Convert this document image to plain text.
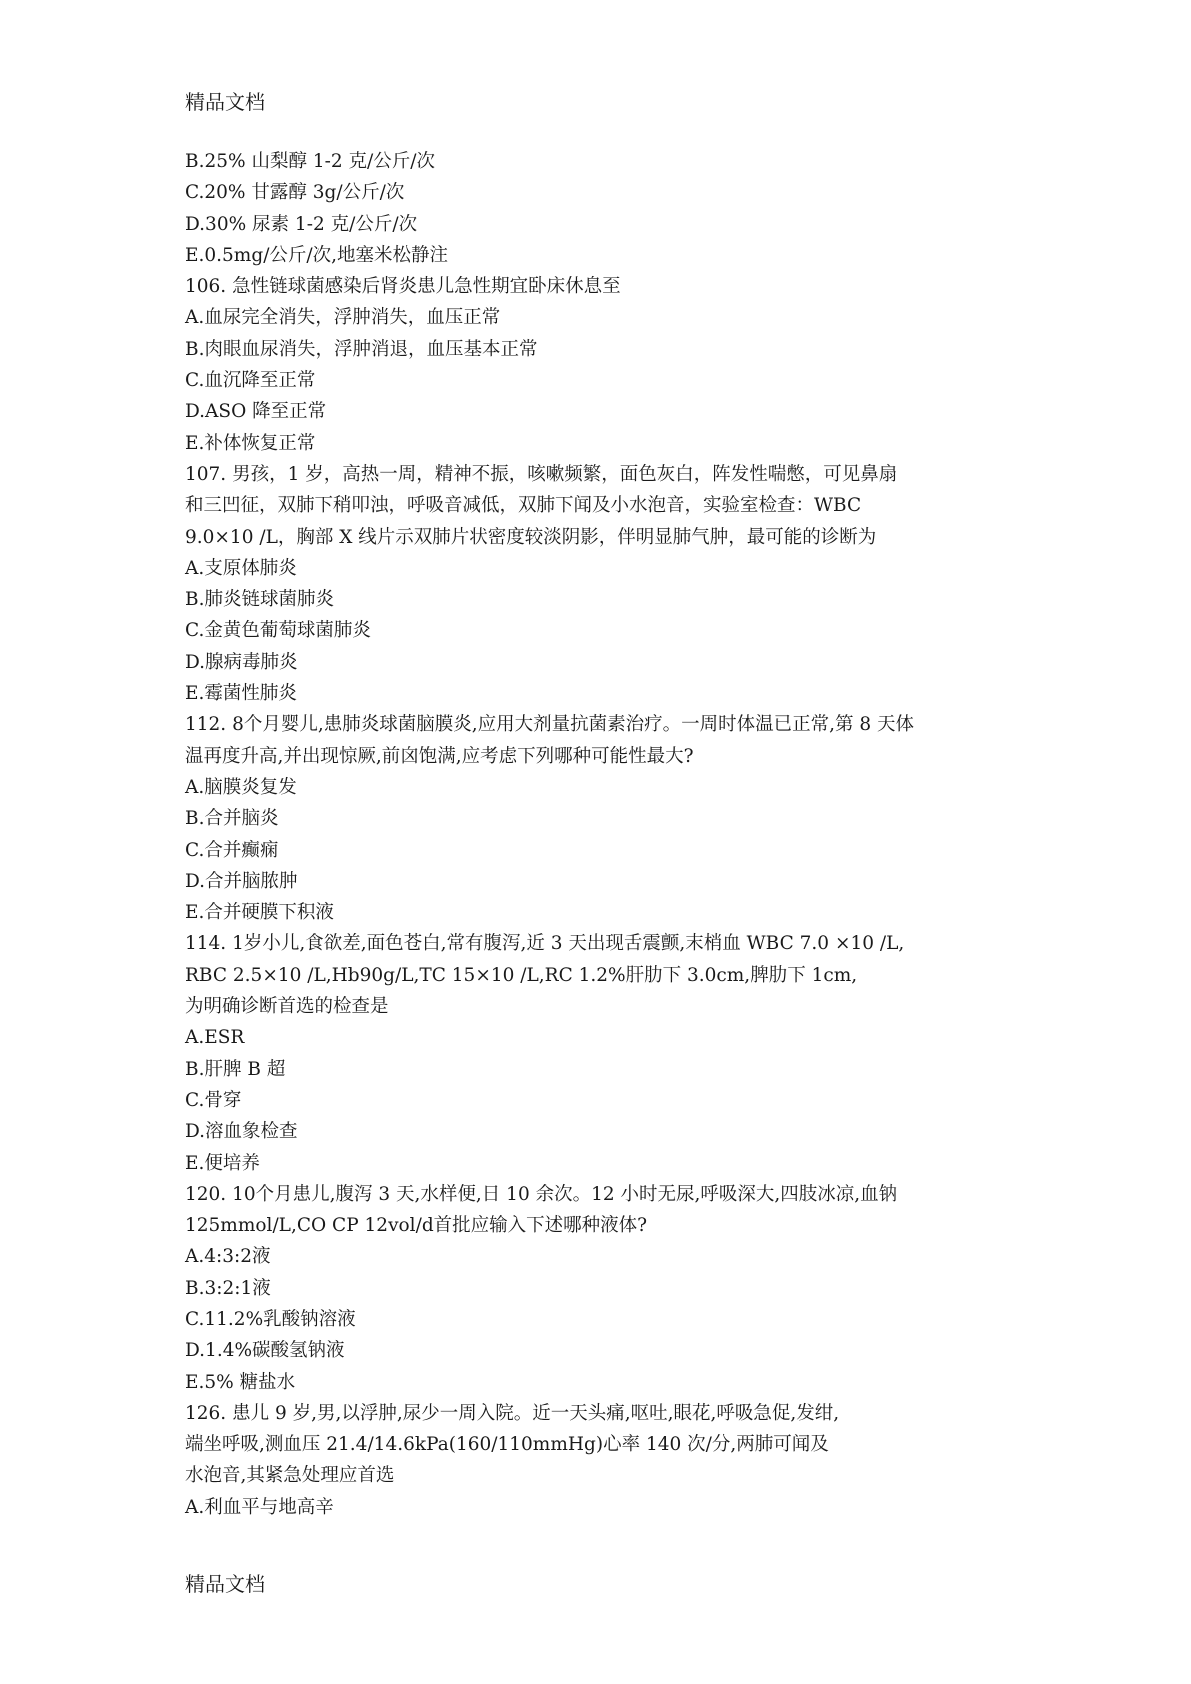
精品文档
B.25% 山梨醇 1-2 克/公斤/次
C.20% 甘露醇 3g/公斤/次
D.30% 尿素 1-2 克/公斤/次
E.0.5mg/公斤/次,地塞米松静注
106. 急性链球菌感染后肾炎患儿急性期宜卧床休息至
A.血尿完全消失，浮肿消失，血压正常
B.肉眼血尿消失，浮肿消退，血压基本正常
C.血沉降至正常
D.ASO 降至正常
E.补体恢复正常
107. 男孩，1 岁，高热一周，精神不振，咳嗽频繁，面色灰白，阵发性喘憋，可见鼻扇
和三凹征，双肺下稍叩浊，呼吸音减低，双肺下闻及小水泡音，实验室检查：WBC
9.0×10 /L，胸部 X 线片示双肺片状密度较淡阴影，伴明显肺气肿，最可能的诊断为
A.支原体肺炎
B.肺炎链球菌肺炎
C.金黄色葡萄球菌肺炎
D.腺病毒肺炎
E.霉菌性肺炎
112. 8个月婴儿,患肺炎球菌脑膜炎,应用大剂量抗菌素治疗。一周时体温已正常,第 8 天体
温再度升高,并出现惊厥,前囟饱满,应考虑下列哪种可能性最大?
A.脑膜炎复发
B.合并脑炎
C.合并癫痫
D.合并脑脓肿
E.合并硬膜下积液
114. 1岁小儿,食欲差,面色苍白,常有腹泻,近 3 天出现舌震颤,末梢血 WBC 7.0 ×10 /L,
RBC 2.5×10 /L,Hb90g/L,TC 15×10 /L,RC 1.2%肝肋下 3.0cm,脾肋下 1cm,
为明确诊断首选的检查是
A.ESR
B.肝脾 B 超
C.骨穿
D.溶血象检查
E.便培养
120. 10个月患儿,腹泻 3 天,水样便,日 10 余次。12 小时无尿,呼吸深大,四肢冰凉,血钠
125mmol/L,CO CP 12vol/d首批应输入下述哪种液体?
A.4:3:2液
B.3:2:1液
C.11.2%乳酸钠溶液
D.1.4%碳酸氢钠液
E.5% 糖盐水
126. 患儿 9 岁,男,以浮肿,尿少一周入院。近一天头痛,呕吐,眼花,呼吸急促,发绀,
端坐呼吸,测血压 21.4/14.6kPa(160/110mmHg)心率 140 次/分,两肺可闻及
水泡音,其紧急处理应首选
A.利血平与地高辛
精品文档
